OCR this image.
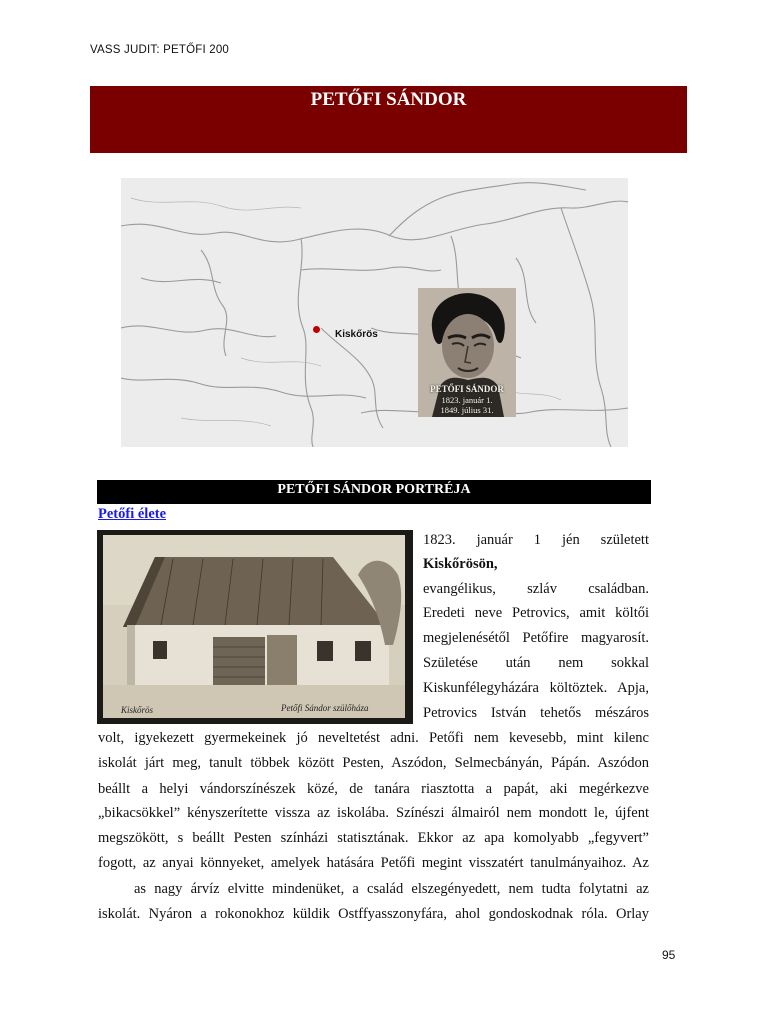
VASS JUDIT: PETŐFI 200
PETŐFI SÁNDOR
Kiskőrös
PETŐFI SÁNDOR
1823. január 1.
1849. július 31.
PETŐFI SÁNDOR PORTRÉJA
Petőfi élete
Kiskőrös	Petőfi Sándor szülőháza
1823. január 1 jén született
Kiskőrösön,
evangélikus, szláv családban.
Eredeti neve Petrovics, amit költői
megjelenésétől Petőfire magyarosít.
Születése után nem sokkal
Kiskunfélegyházára költöztek. Apja,
Petrovics István tehetős mészáros
volt, igyekezett gyermekeinek jó neveltetést adni. Petőfi nem kevesebb, mint kilenc
iskolát járt meg, tanult többek között Pesten, Aszódon, Selmecbányán, Pápán. Aszódon
beállt a helyi vándorszínészek közé, de tanára riasztotta a papát, aki megérkezve
„bikacsökkel” kényszerítette vissza az iskolába. Színészi álmairól nem mondott le, újfent
megszökött, s beállt Pesten színházi statisztának. Ekkor az apa komolyabb „fegyvert”
fogott, az anyai könnyeket, amelyek hatására Petőfi megint visszatért tanulmányaihoz. Az
as nagy árvíz elvitte mindenüket, a család elszegényedett, nem tudta folytatni az
iskolát. Nyáron a rokonokhoz küldik Ostffyasszonyfára, ahol gondoskodnak róla. Orlay
95
